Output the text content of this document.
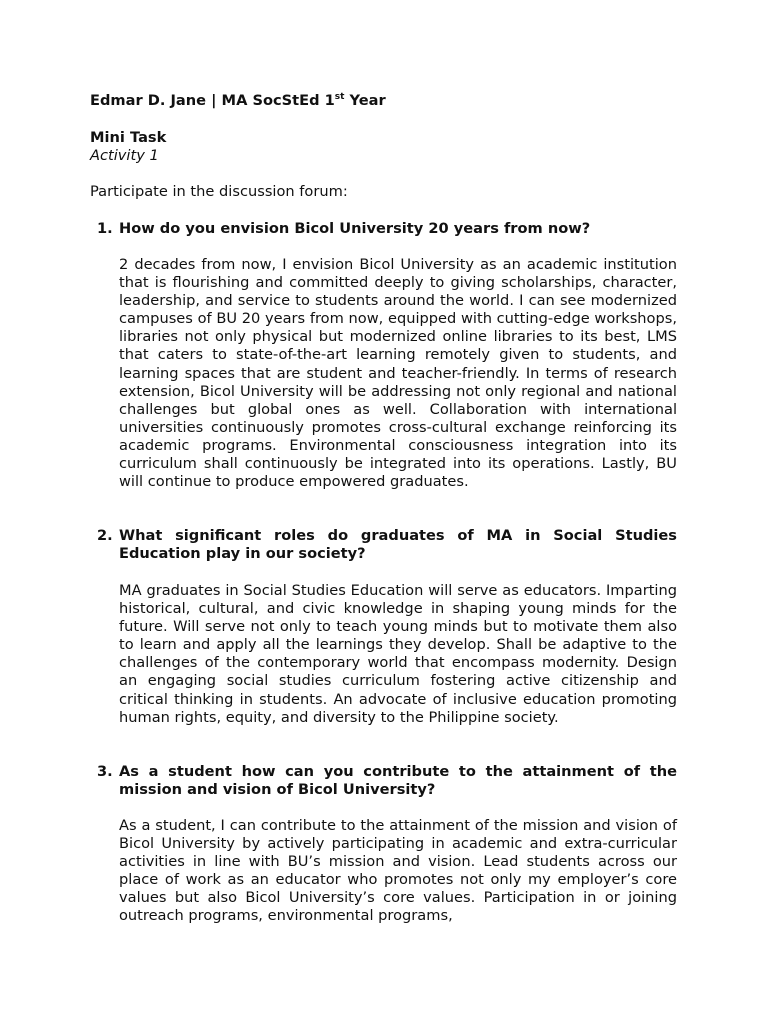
Edmar D. Jane | MA SocStEd 1st Year
Mini Task
Activity 1
Participate in the discussion forum:
1. How do you envision Bicol University 20 years from now?
2 decades from now, I envision Bicol University as an academic institution that is flourishing and committed deeply to giving scholarships, character, leadership, and service to students around the world. I can see modernized campuses of BU 20 years from now, equipped with cutting-edge workshops, libraries not only physical but modernized online libraries to its best, LMS that caters to state-of-the-art learning remotely given to students, and learning spaces that are student and teacher-friendly. In terms of research extension, Bicol University will be addressing not only regional and national challenges but global ones as well. Collaboration with international universities continuously promotes cross-cultural exchange reinforcing its academic programs. Environmental consciousness integration into its curriculum shall continuously be integrated into its operations. Lastly, BU will continue to produce empowered graduates.
2. What significant roles do graduates of MA in Social Studies Education play in our society?
MA graduates in Social Studies Education will serve as educators. Imparting historical, cultural, and civic knowledge in shaping young minds for the future. Will serve not only to teach young minds but to motivate them also to learn and apply all the learnings they develop. Shall be adaptive to the challenges of the contemporary world that encompass modernity. Design an engaging social studies curriculum fostering active citizenship and critical thinking in students. An advocate of inclusive education promoting human rights, equity, and diversity to the Philippine society.
3. As a student how can you contribute to the attainment of the mission and vision of Bicol University?
As a student, I can contribute to the attainment of the mission and vision of Bicol University by actively participating in academic and extra-curricular activities in line with BU’s mission and vision. Lead students across our place of work as an educator who promotes not only my employer’s core values but also Bicol University’s core values. Participation in or joining outreach programs, environmental programs,
